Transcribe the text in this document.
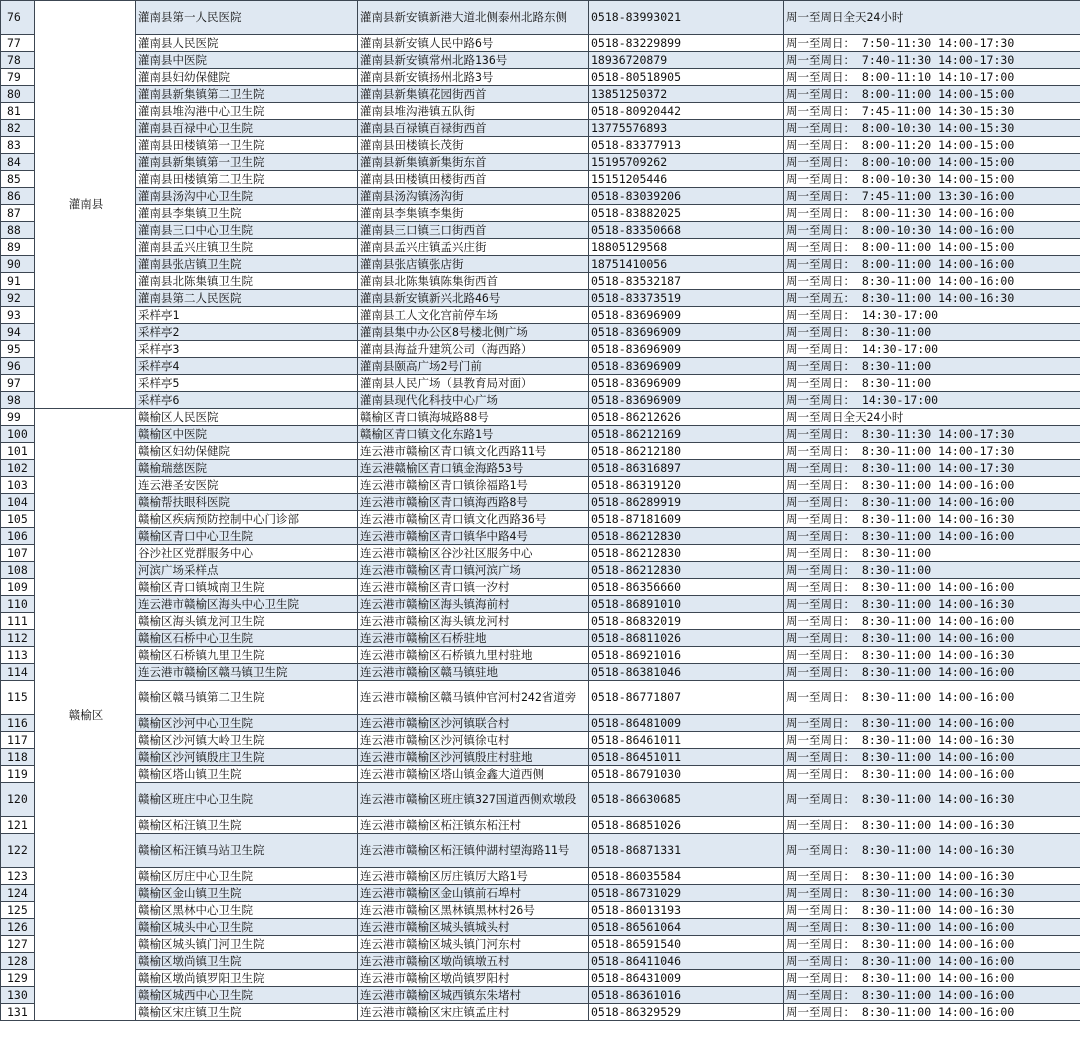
76	灌南县	灌南县第一人民医院	灌南县新安镇新港大道北侧泰州北路东侧	0518-83993021	周一至周日全天24小时
77		灌南县人民医院	灌南县新安镇人民中路6号	0518-83229899	周一至周日： 7:50-11:30 14:00-17:30
78		灌南县中医院	灌南县新安镇常州北路136号	18936720879	周一至周日： 7:40-11:30 14:00-17:30
79		灌南县妇幼保健院	灌南县新安镇扬州北路3号	0518-80518905	周一至周日： 8:00-11:10 14:10-17:00
80		灌南县新集镇第二卫生院	灌南县新集镇花园街西首	13851250372	周一至周日： 8:00-11:00 14:00-15:00
81		灌南县堆沟港中心卫生院	灌南县堆沟港镇五队街	0518-80920442	周一至周日： 7:45-11:00 14:30-15:30
82		灌南县百禄中心卫生院	灌南县百禄镇百禄街西首	13775576893	周一至周日： 8:00-10:30 14:00-15:30
83		灌南县田楼镇第一卫生院	灌南县田楼镇长茂街	0518-83377913	周一至周日： 8:00-11:20 14:00-15:00
84		灌南县新集镇第一卫生院	灌南县新集镇新集街东首	15195709262	周一至周日： 8:00-10:00 14:00-15:00
85		灌南县田楼镇第二卫生院	灌南县田楼镇田楼街西首	15151205446	周一至周日： 8:00-10:30 14:00-15:00
86		灌南县汤沟中心卫生院	灌南县汤沟镇汤沟街	0518-83039206	周一至周日： 7:45-11:00 13:30-16:00
87		灌南县李集镇卫生院	灌南县李集镇李集街	0518-83882025	周一至周日： 8:00-11:30 14:00-16:00
88		灌南县三口中心卫生院	灌南县三口镇三口街西首	0518-83350668	周一至周日： 8:00-10:30 14:00-16:00
89		灌南县孟兴庄镇卫生院	灌南县孟兴庄镇孟兴庄街	18805129568	周一至周日： 8:00-11:00 14:00-15:00
90		灌南县张店镇卫生院	灌南县张店镇张店街	18751410056	周一至周日： 8:00-11:00 14:00-16:00
91		灌南县北陈集镇卫生院	灌南县北陈集镇陈集街西首	0518-83532187	周一至周日： 8:30-11:00 14:00-16:00
92		灌南县第二人民医院	灌南县新安镇新兴北路46号	0518-83373519	周一至周五： 8:30-11:00 14:00-16:30
93		采样亭1	灌南县工人文化宫前停车场	0518-83696909	周一至周日： 14:30-17:00
94		采样亭2	灌南县集中办公区8号楼北侧广场	0518-83696909	周一至周日： 8:30-11:00
95		采样亭3	灌南县海益升建筑公司（海西路）	0518-83696909	周一至周日： 14:30-17:00
96		采样亭4	灌南县颐高广场2号门前	0518-83696909	周一至周日： 8:30-11:00
97		采样亭5	灌南县人民广场（县教育局对面）	0518-83696909	周一至周日： 8:30-11:00
98		采样亭6	灌南县现代化科技中心广场	0518-83696909	周一至周日： 14:30-17:00
99	赣榆区	赣榆区人民医院	赣榆区青口镇海城路88号	0518-86212626	周一至周日全天24小时
100		赣榆区中医院	赣榆区青口镇文化东路1号	0518-86212169	周一至周日： 8:30-11:30 14:00-17:30
101		赣榆区妇幼保健院	连云港市赣榆区青口镇文化西路11号	0518-86212180	周一至周日： 8:30-11:00 14:00-17:30
102		赣榆瑞慈医院	连云港赣榆区青口镇金海路53号	0518-86316897	周一至周日： 8:30-11:00 14:00-17:30
103		连云港圣安医院	连云港市赣榆区青口镇徐福路1号	0518-86319120	周一至周日： 8:30-11:00 14:00-16:00
104		赣榆帮扶眼科医院	连云港市赣榆区青口镇海西路8号	0518-86289919	周一至周日： 8:30-11:00 14:00-16:00
105		赣榆区疾病预防控制中心门诊部	连云港市赣榆区青口镇文化西路36号	0518-87181609	周一至周日： 8:30-11:00 14:00-16:30
106		赣榆区青口中心卫生院	连云港市赣榆区青口镇华中路4号	0518-86212830	周一至周日： 8:30-11:00 14:00-16:00
107		谷沙社区党群服务中心	连云港市赣榆区谷沙社区服务中心	0518-86212830	周一至周日： 8:30-11:00
108		河滨广场采样点	连云港市赣榆区青口镇河滨广场	0518-86212830	周一至周日： 8:30-11:00
109		赣榆区青口镇城南卫生院	连云港市赣榆区青口镇一汐村	0518-86356660	周一至周日： 8:30-11:00 14:00-16:00
110		连云港市赣榆区海头中心卫生院	连云港市赣榆区海头镇海前村	0518-86891010	周一至周日： 8:30-11:00 14:00-16:30
111		赣榆区海头镇龙河卫生院	连云港市赣榆区海头镇龙河村	0518-86832019	周一至周日： 8:30-11:00 14:00-16:00
112		赣榆区石桥中心卫生院	连云港市赣榆区石桥驻地	0518-86811026	周一至周日： 8:30-11:00 14:00-16:00
113		赣榆区石桥镇九里卫生院	连云港市赣榆区石桥镇九里村驻地	0518-86921016	周一至周日： 8:30-11:00 14:00-16:30
114		连云港市赣榆区赣马镇卫生院	连云港市赣榆区赣马镇驻地	0518-86381046	周一至周日： 8:30-11:00 14:00-16:00
115		赣榆区赣马镇第二卫生院	连云港市赣榆区赣马镇仲官河村242省道旁	0518-86771807	周一至周日： 8:30-11:00 14:00-16:00
116		赣榆区沙河中心卫生院	连云港市赣榆区沙河镇联合村	0518-86481009	周一至周日： 8:30-11:00 14:00-16:00
117		赣榆区沙河镇大岭卫生院	连云港市赣榆区沙河镇徐屯村	0518-86461011	周一至周日： 8:30-11:00 14:00-16:30
118		赣榆区沙河镇殷庄卫生院	连云港市赣榆区沙河镇殷庄村驻地	0518-86451011	周一至周日： 8:30-11:00 14:00-16:00
119		赣榆区塔山镇卫生院	连云港市赣榆区塔山镇金鑫大道西侧	0518-86791030	周一至周日： 8:30-11:00 14:00-16:00
120		赣榆区班庄中心卫生院	连云港市赣榆区班庄镇327国道西侧欢墩段	0518-86630685	周一至周日： 8:30-11:00 14:00-16:30
121		赣榆区柘汪镇卫生院	连云港市赣榆区柘汪镇东柘汪村	0518-86851026	周一至周日： 8:30-11:00 14:00-16:30
122		赣榆区柘汪镇马站卫生院	连云港市赣榆区柘汪镇仲湖村望海路11号	0518-86871331	周一至周日： 8:30-11:00 14:00-16:30
123		赣榆区厉庄中心卫生院	连云港市赣榆区厉庄镇厉大路1号	0518-86035584	周一至周日： 8:30-11:00 14:00-16:30
124		赣榆区金山镇卫生院	连云港市赣榆区金山镇前石埠村	0518-86731029	周一至周日： 8:30-11:00 14:00-16:30
125		赣榆区黑林中心卫生院	连云港市赣榆区黑林镇黑林村26号	0518-86013193	周一至周日： 8:30-11:00 14:00-16:30
126		赣榆区城头中心卫生院	连云港市赣榆区城头镇城头村	0518-86561064	周一至周日： 8:30-11:00 14:00-16:00
127		赣榆区城头镇门河卫生院	连云港市赣榆区城头镇门河东村	0518-86591540	周一至周日： 8:30-11:00 14:00-16:00
128		赣榆区墩尚镇卫生院	连云港市赣榆区墩尚镇墩五村	0518-86411046	周一至周日： 8:30-11:00 14:00-16:00
129		赣榆区墩尚镇罗阳卫生院	连云港市赣榆区墩尚镇罗阳村	0518-86431009	周一至周日： 8:30-11:00 14:00-16:00
130		赣榆区城西中心卫生院	连云港市赣榆区城西镇东朱堵村	0518-86361016	周一至周日： 8:30-11:00 14:00-16:00
131		赣榆区宋庄镇卫生院	连云港市赣榆区宋庄镇孟庄村	0518-86329529	周一至周日： 8:30-11:00 14:00-16:00
